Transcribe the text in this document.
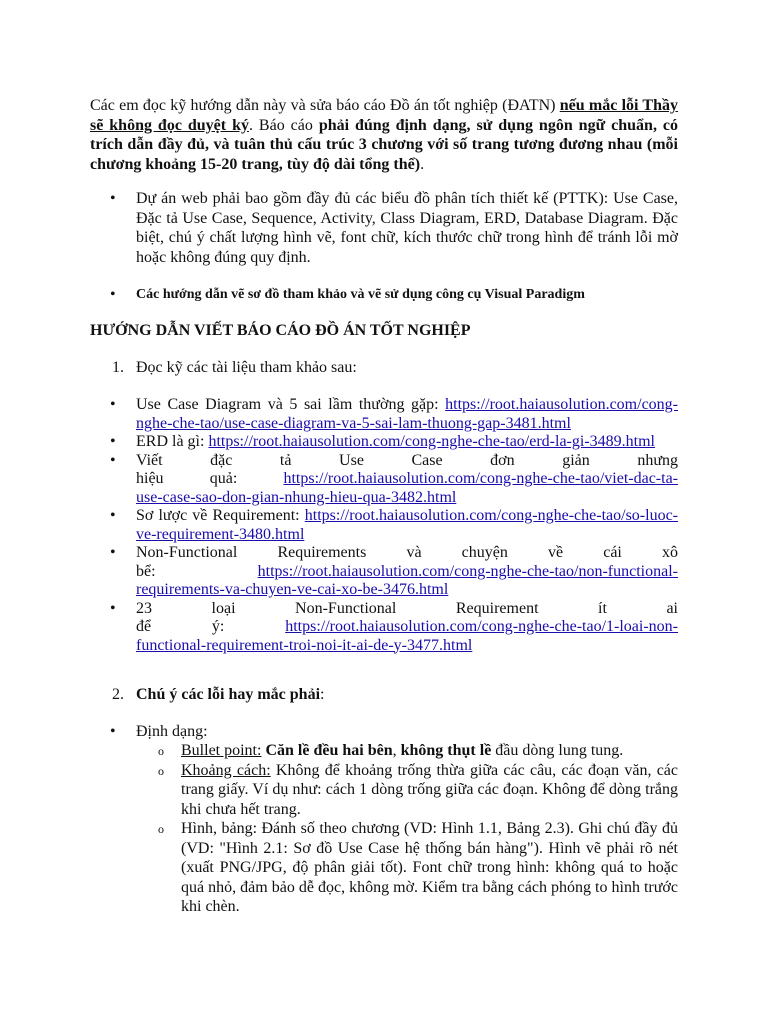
Các em đọc kỹ hướng dẫn này và sửa báo cáo Đồ án tốt nghiệp (ĐATN) nếu mắc lỗi Thầy sẽ không đọc duyệt ký. Báo cáo phải đúng định dạng, sử dụng ngôn ngữ chuẩn, có trích dẫn đầy đủ, và tuân thủ cấu trúc 3 chương với số trang tương đương nhau (mỗi chương khoảng 15-20 trang, tùy độ dài tổng thể).

• Dự án web phải bao gồm đầy đủ các biểu đồ phân tích thiết kế (PTTK): Use Case, Đặc tả Use Case, Sequence, Activity, Class Diagram, ERD, Database Diagram. Đặc biệt, chú ý chất lượng hình vẽ, font chữ, kích thước chữ trong hình để tránh lỗi mờ hoặc không đúng quy định.

• Các hướng dẫn vẽ sơ đồ tham khảo và vẽ sử dụng công cụ Visual Paradigm

HƯỚNG DẪN VIẾT BÁO CÁO ĐỒ ÁN TỐT NGHIỆP

1. Đọc kỹ các tài liệu tham khảo sau:

• Use Case Diagram và 5 sai lầm thường gặp: https://root.haiausolution.com/cong-nghe-che-tao/use-case-diagram-va-5-sai-lam-thuong-gap-3481.html
• ERD là gì: https://root.haiausolution.com/cong-nghe-che-tao/erd-la-gi-3489.html
• Viết đặc tả Use Case đơn giản nhưng hiệu quả: https://root.haiausolution.com/cong-nghe-che-tao/viet-dac-ta-use-case-sao-don-gian-nhung-hieu-qua-3482.html
• Sơ lược về Requirement: https://root.haiausolution.com/cong-nghe-che-tao/so-luoc-ve-requirement-3480.html
• Non-Functional Requirements và chuyện về cái xô bể: https://root.haiausolution.com/cong-nghe-che-tao/non-functional-requirements-va-chuyen-ve-cai-xo-be-3476.html
• 23 loại Non-Functional Requirement ít ai để ý: https://root.haiausolution.com/cong-nghe-che-tao/1-loai-non-functional-requirement-troi-noi-it-ai-de-y-3477.html
2. Chú ý các lỗi hay mắc phải:

• Định dạng:

o Bullet point: Căn lề đều hai bên, không thụt lề đầu dòng lung tung.
o Khoảng cách: Không để khoảng trống thừa giữa các câu, các đoạn văn, các trang giấy. Ví dụ như: cách 1 dòng trống giữa các đoạn. Không để dòng trắng khi chưa hết trang.
o Hình, bảng: Đánh số theo chương (VD: Hình 1.1, Bảng 2.3). Ghi chú đầy đủ (VD: "Hình 2.1: Sơ đồ Use Case hệ thống bán hàng"). Hình vẽ phải rõ nét (xuất PNG/JPG, độ phân giải tốt). Font chữ trong hình: không quá to hoặc quá nhỏ, đảm bảo dễ đọc, không mờ. Kiểm tra bằng cách phóng to hình trước khi chèn.
